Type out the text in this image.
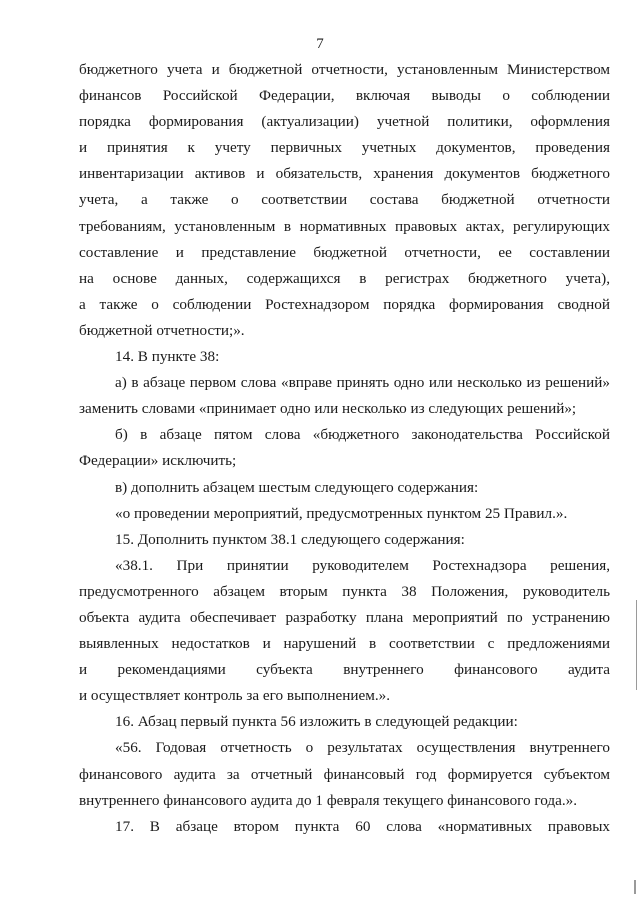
7
бюджетного учета и бюджетной отчетности, установленным Министерством
финансов Российской Федерации, включая выводы о соблюдении
порядка формирования (актуализации) учетной политики, оформления
и принятия к учету первичных учетных документов, проведения
инвентаризации активов и обязательств, хранения документов бюджетного
учета, а также о соответствии состава бюджетной отчетности
требованиям, установленным в нормативных правовых актах, регулирующих
составление и представление бюджетной отчетности, ее составлении
на основе данных, содержащихся в регистрах бюджетного учета),
а также о соблюдении Ростехнадзором порядка формирования сводной
бюджетной отчетности;».
14. В пункте 38:
а) в абзаце первом слова «вправе принять одно или несколько из решений»
заменить словами «принимает одно или несколько из следующих решений»;
б) в абзаце пятом слова «бюджетного законодательства Российской
Федерации» исключить;
в) дополнить абзацем шестым следующего содержания:
«о проведении мероприятий, предусмотренных пунктом 25 Правил.».
15. Дополнить пунктом 38.1 следующего содержания:
«38.1. При принятии руководителем Ростехнадзора решения,
предусмотренного абзацем вторым пункта 38 Положения, руководитель
объекта аудита обеспечивает разработку плана мероприятий по устранению
выявленных недостатков и нарушений в соответствии с предложениями
и рекомендациями субъекта внутреннего финансового аудита
и осуществляет контроль за его выполнением.».
16. Абзац первый пункта 56 изложить в следующей редакции:
«56. Годовая отчетность о результатах осуществления внутреннего
финансового аудита за отчетный финансовый год формируется субъектом
внутреннего финансового аудита до 1 февраля текущего финансового года.».
17. В абзаце втором пункта 60 слова «нормативных правовых
